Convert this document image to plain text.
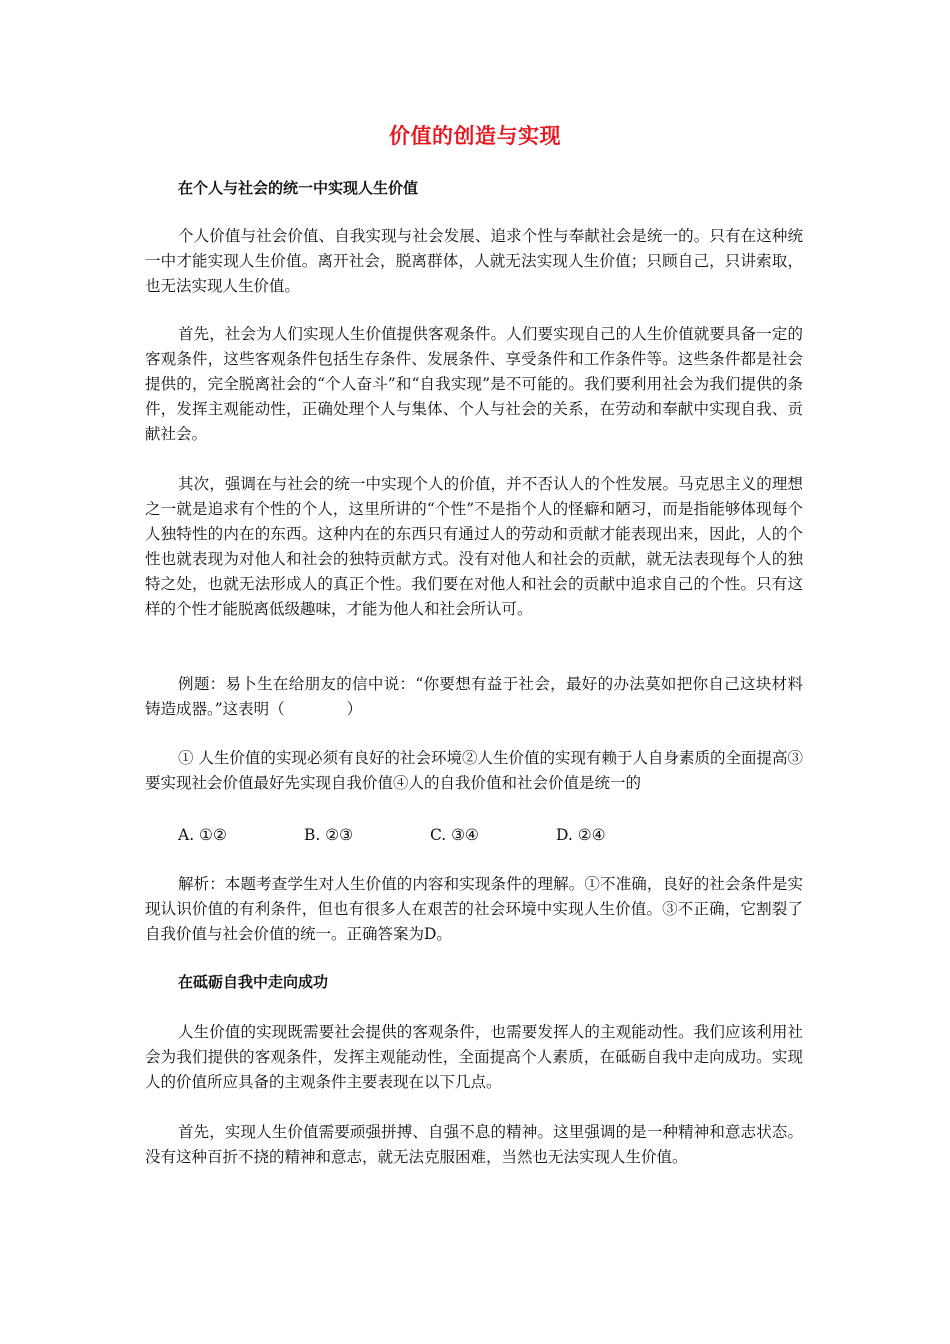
价值的创造与实现
在个人与社会的统一中实现人生价值

个人价值与社会价值、自我实现与社会发展、追求个性与奉献社会是统一的。只有在这种统一中才能实现人生价值。离开社会，脱离群体，人就无法实现人生价值；只顾自己，只讲索取，也无法实现人生价值。

首先，社会为人们实现人生价值提供客观条件。人们要实现自己的人生价值就要具备一定的客观条件，这些客观条件包括生存条件、发展条件、享受条件和工作条件等。这些条件都是社会提供的，完全脱离社会的“个人奋斗”和“自我实现”是不可能的。我们要利用社会为我们提供的条件，发挥主观能动性，正确处理个人与集体、个人与社会的关系，在劳动和奉献中实现自我、贡献社会。

其次，强调在与社会的统一中实现个人的价值，并不否认人的个性发展。马克思主义的理想之一就是追求有个性的个人，这里所讲的“个性”不是指个人的怪癖和陋习，而是指能够体现每个人独特性的内在的东西。这种内在的东西只有通过人的劳动和贡献才能表现出来，因此，人的个性也就表现为对他人和社会的独特贡献方式。没有对他人和社会的贡献，就无法表现每个人的独特之处，也就无法形成人的真正个性。我们要在对他人和社会的贡献中追求自己的个性。只有这样的个性才能脱离低级趣味，才能为他人和社会所认可。

例题：易卜生在给朋友的信中说：“你要想有益于社会，最好的办法莫如把你自己这块材料铸造成器。”这表明（　　　　）

① 人生价值的实现必须有良好的社会环境②人生价值的实现有赖于人自身素质的全面提高③要实现社会价值最好先实现自我价值④人的自我价值和社会价值是统一的

A. ①②	B. ②③	C. ③④	D. ②④

解析：本题考查学生对人生价值的内容和实现条件的理解。①不准确，良好的社会条件是实现认识价值的有利条件，但也有很多人在艰苦的社会环境中实现人生价值。③不正确，它割裂了自我价值与社会价值的统一。正确答案为D。

在砥砺自我中走向成功

人生价值的实现既需要社会提供的客观条件，也需要发挥人的主观能动性。我们应该利用社会为我们提供的客观条件，发挥主观能动性，全面提高个人素质，在砥砺自我中走向成功。实现人的价值所应具备的主观条件主要表现在以下几点。

首先，实现人生价值需要顽强拼搏、自强不息的精神。这里强调的是一种精神和意志状态。没有这种百折不挠的精神和意志，就无法克服困难，当然也无法实现人生价值。
